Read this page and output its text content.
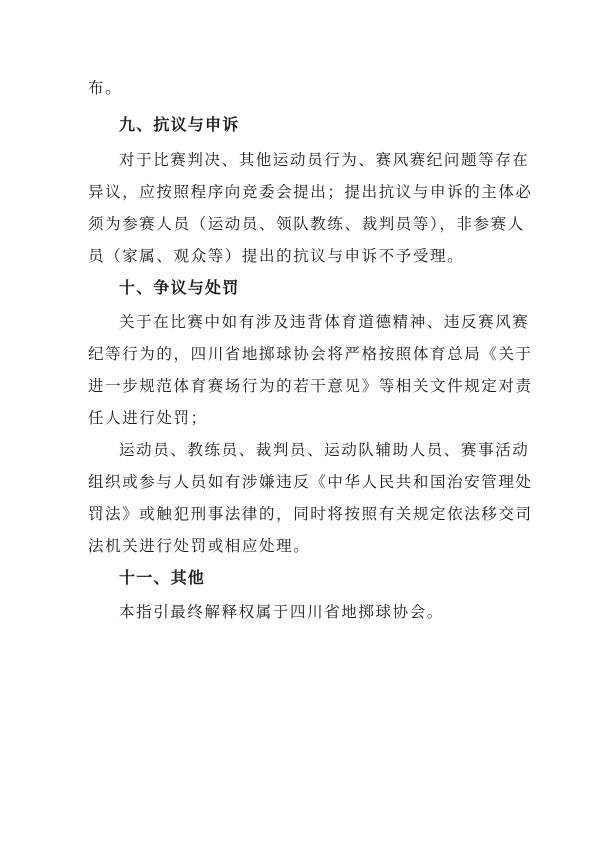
布。
九、抗议与申诉
对于比赛判决、其他运动员行为、赛风赛纪问题等存在
异议，应按照程序向竞委会提出；提出抗议与申诉的主体必
须为参赛人员（运动员、领队教练、裁判员等），非参赛人
员（家属、观众等）提出的抗议与申诉不予受理。
十、争议与处罚
关于在比赛中如有涉及违背体育道德精神、违反赛风赛
纪等行为的，四川省地掷球协会将严格按照体育总局《关于
进一步规范体育赛场行为的若干意见》等相关文件规定对责
任人进行处罚；
运动员、教练员、裁判员、运动队辅助人员、赛事活动
组织或参与人员如有涉嫌违反《中华人民共和国治安管理处
罚法》或触犯刑事法律的，同时将按照有关规定依法移交司
法机关进行处罚或相应处理。
十一、其他
本指引最终解释权属于四川省地掷球协会。
